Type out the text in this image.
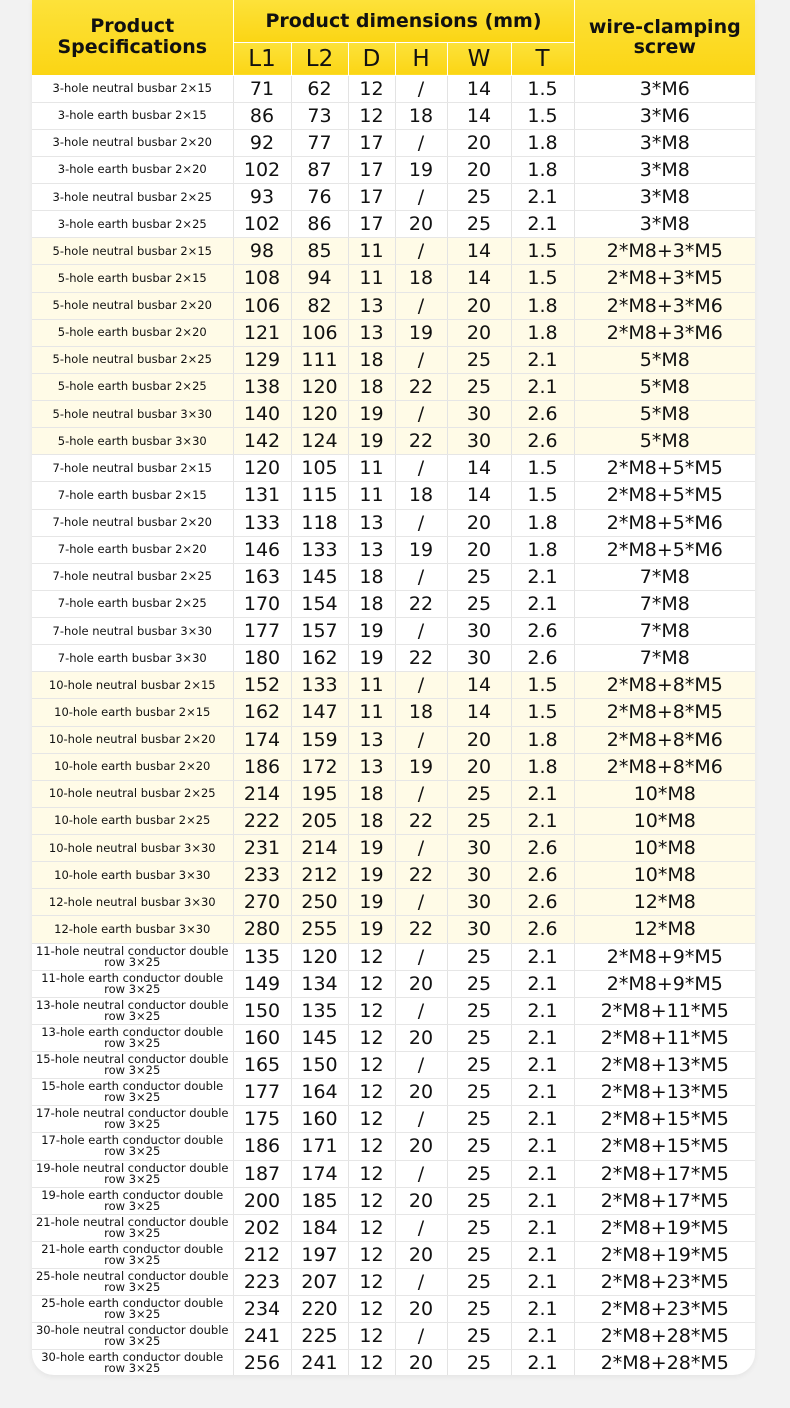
Product Specifications	Product dimensions (mm)						wire-clamping screw
	L1	L2	D	H	W	T	
3-hole neutral busbar 2×15	71	62	12	/	14	1.5	3*M6
3-hole earth busbar 2×15	86	73	12	18	14	1.5	3*M6
3-hole neutral busbar 2×20	92	77	17	/	20	1.8	3*M8
3-hole earth busbar 2×20	102	87	17	19	20	1.8	3*M8
3-hole neutral busbar 2×25	93	76	17	/	25	2.1	3*M8
3-hole earth busbar 2×25	102	86	17	20	25	2.1	3*M8
5-hole neutral busbar 2×15	98	85	11	/	14	1.5	2*M8+3*M5
5-hole earth busbar 2×15	108	94	11	18	14	1.5	2*M8+3*M5
5-hole neutral busbar 2×20	106	82	13	/	20	1.8	2*M8+3*M6
5-hole earth busbar 2×20	121	106	13	19	20	1.8	2*M8+3*M6
5-hole neutral busbar 2×25	129	111	18	/	25	2.1	5*M8
5-hole earth busbar 2×25	138	120	18	22	25	2.1	5*M8
5-hole neutral busbar 3×30	140	120	19	/	30	2.6	5*M8
5-hole earth busbar 3×30	142	124	19	22	30	2.6	5*M8
7-hole neutral busbar 2×15	120	105	11	/	14	1.5	2*M8+5*M5
7-hole earth busbar 2×15	131	115	11	18	14	1.5	2*M8+5*M5
7-hole neutral busbar 2×20	133	118	13	/	20	1.8	2*M8+5*M6
7-hole earth busbar 2×20	146	133	13	19	20	1.8	2*M8+5*M6
7-hole neutral busbar 2×25	163	145	18	/	25	2.1	7*M8
7-hole earth busbar 2×25	170	154	18	22	25	2.1	7*M8
7-hole neutral busbar 3×30	177	157	19	/	30	2.6	7*M8
7-hole earth busbar 3×30	180	162	19	22	30	2.6	7*M8
10-hole neutral busbar 2×15	152	133	11	/	14	1.5	2*M8+8*M5
10-hole earth busbar 2×15	162	147	11	18	14	1.5	2*M8+8*M5
10-hole neutral busbar 2×20	174	159	13	/	20	1.8	2*M8+8*M6
10-hole earth busbar 2×20	186	172	13	19	20	1.8	2*M8+8*M6
10-hole neutral busbar 2×25	214	195	18	/	25	2.1	10*M8
10-hole earth busbar 2×25	222	205	18	22	25	2.1	10*M8
10-hole neutral busbar 3×30	231	214	19	/	30	2.6	10*M8
10-hole earth busbar 3×30	233	212	19	22	30	2.6	10*M8
12-hole neutral busbar 3×30	270	250	19	/	30	2.6	12*M8
12-hole earth busbar 3×30	280	255	19	22	30	2.6	12*M8
11-hole neutral conductor double row 3×25	135	120	12	/	25	2.1	2*M8+9*M5
11-hole earth conductor double row 3×25	149	134	12	20	25	2.1	2*M8+9*M5
13-hole neutral conductor double row 3×25	150	135	12	/	25	2.1	2*M8+11*M5
13-hole earth conductor double row 3×25	160	145	12	20	25	2.1	2*M8+11*M5
15-hole neutral conductor double row 3×25	165	150	12	/	25	2.1	2*M8+13*M5
15-hole earth conductor double row 3×25	177	164	12	20	25	2.1	2*M8+13*M5
17-hole neutral conductor double row 3×25	175	160	12	/	25	2.1	2*M8+15*M5
17-hole earth conductor double row 3×25	186	171	12	20	25	2.1	2*M8+15*M5
19-hole neutral conductor double row 3×25	187	174	12	/	25	2.1	2*M8+17*M5
19-hole earth conductor double row 3×25	200	185	12	20	25	2.1	2*M8+17*M5
21-hole neutral conductor double row 3×25	202	184	12	/	25	2.1	2*M8+19*M5
21-hole earth conductor double row 3×25	212	197	12	20	25	2.1	2*M8+19*M5
25-hole neutral conductor double row 3×25	223	207	12	/	25	2.1	2*M8+23*M5
25-hole earth conductor double row 3×25	234	220	12	20	25	2.1	2*M8+23*M5
30-hole neutral conductor double row 3×25	241	225	12	/	25	2.1	2*M8+28*M5
30-hole earth conductor double row 3×25	256	241	12	20	25	2.1	2*M8+28*M5
